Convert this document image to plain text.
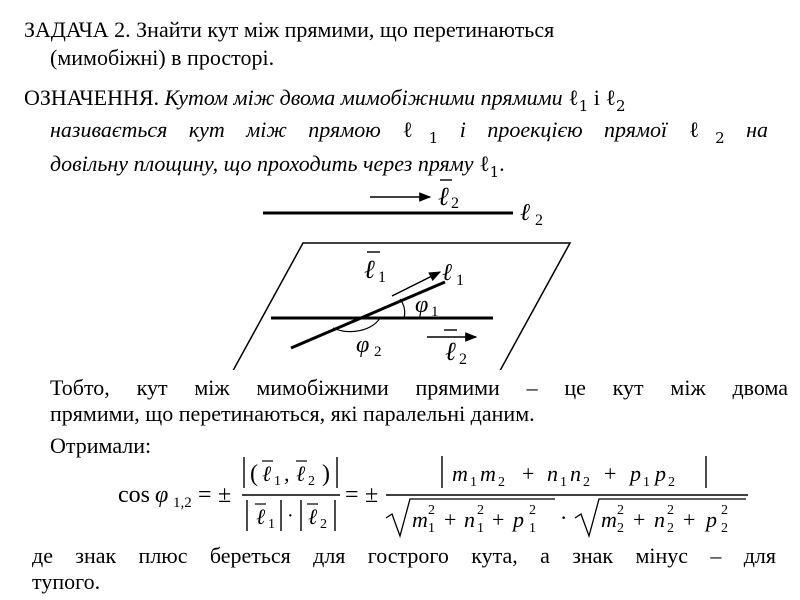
ЗАДАЧА 2. Знайти кут між прямими, що перетинаються
(мимобіжні) в просторі.
ОЗНАЧЕННЯ. Кутом між двома мимобіжними прямими ℓ$_1$ і ℓ$_2$
називається кут між прямою ℓ$_1$ і проекцією прямої ℓ$_2$ на
довільну площину, що проходить через пряму ℓ$_1$.
ℓ 2	ℓ 2
ℓ 1
ℓ 1
φ 1
φ 2 ℓ 2
Тобто, кут між мимобіжними прямими – це кут між двома
прямими, що перетинаються, які паралельні даним.
Отримали:
cos φ 1,2 = ±
( ℓ 1 , ℓ 2 )
ℓ 1 · ℓ 2
= ±
m 1 m 2 + n 1 n 2 + p 1 p 2
m 2
1 + n 2
1 + p 2
1 · m 2
2 + n 2
2 + p 2
2
де знак плюс береться для гострого кута, а знак мінус – для
тупого.
